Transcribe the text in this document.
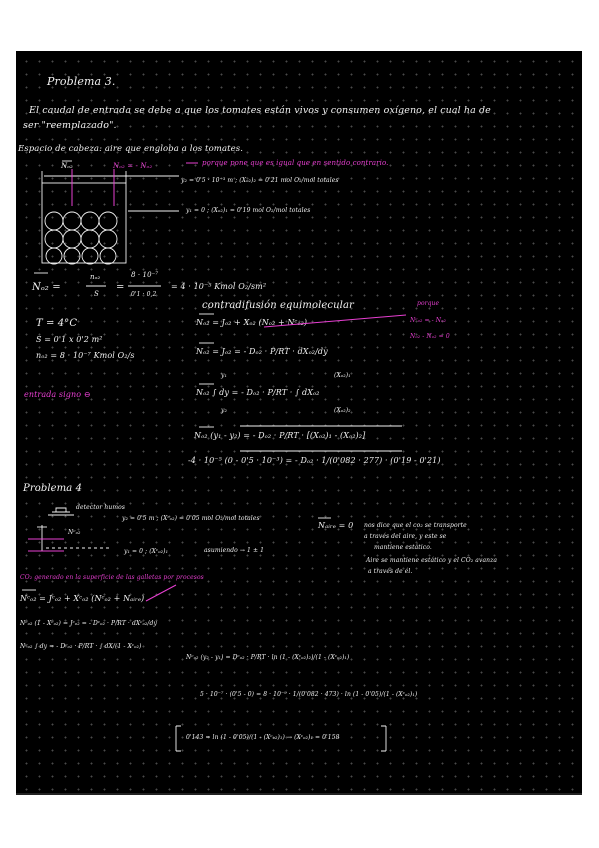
Problema 3.
El caudal de entrada se debe a que los tomates están vivos y consumen oxígeno, el cual ha de
ser "reemplazado".
Espacio de cabeza: aire que engloba a los tomates.
Nₒ₂	Nₒ₂ = - Nₒ₂	porque pone que es igual que en sentido contrario.
y₂ = 0'5 · 10⁻³ m ; (Xₒ₂)₂ = 0'21 mol O₂/mol totales
y₁ = 0 ; (Xₒ₂)₁ = 0'19 mol O₂/mol totales
Nₒ₂ =
nₒ₂
S
=
8 · 10⁻⁷
0'1 · 0,2
= 4 · 10⁻⁵ Kmol O₂/sm²
contradifusión equimolecular	porque
Nᶜₒ₂ = - Nₒ₂
Nₒ₂ - Nₒ₂ = 0
Nₒ₂ = Jₒ₂ + Xₒ₂ (Nₒ₂ + Nᶜₒ₂)
Nₒ₂ = Jₒ₂ = - Dₒ₂ · P/RT · dXₒ₂/dy
T = 4°C
S = 0'1 x 0'2 m²
nₒ₂ = 8 · 10⁻⁷ Kmol O₂/s
entrada signo ⊖	Nₒ₂ ∫ dy = - Dₒ₂ · P/RT · ∫ dXₒ₂
y₁
y₂
(Xₒ₂)₁
(Xₒ₂)₂
Nₒ₂ (y₁ - y₂) = - Dₒ₂ · P/RT · [(Xₒ₂)₁ - (Xₒ₂)₂]
-4 · 10⁻⁵ (0 - 0'5 · 10⁻³) = - Dₒ₂ · 1/(0'082 · 277) · (0'19 - 0'21)
Problema 4
detector humos
Nᶜₒ₂
y₂ = 0'5 m ; (Xᶜₒ₂) = 0'05 mol O₂/mol totales
y₁ = 0 ; (Xᶜₒ₂)₁	asumiendo → 1 ± 1
Nₐᵢᵣₑ = 0 nos dice que el co₂ se transporte
a través del aire, y este se
mantiene estático.
Aire se mantiene estático y el CO₂ avanza
a través de él.
CO₂ generado en la superficie de las galletas por procesos
Nᶜₒ₂ = Jᶜₒ₂ + Xᶜₒ₂ (Nᶜₒ₂ + Nₐᵢᵣₑ)
Nᶜₒ₂ (1 - Xᶜₒ₂) = Jᶜₒ₂ = - Dᶜₒ₂ · P/RT · dXᶜₒ₂/dy
Nᶜₒ₂ ∫ dy = - Dᶜₒ₂ · P/RT · ∫ dX/(1 - Xᶜₒ₂)
Nᶜₒ₂ (y₂ - y₁) = Dᶜₒ₂ · P/RT · ln (1 - (Xᶜₒ₂)₂)/(1 - (Xᶜₒ₂)₁)
5 · 10⁻⁷ · (0'5 - 0) = 8 · 10⁻⁹ · 1/(0'082 · 473) · ln (1 - 0'05)/(1 - (Xᶜₒ₂)₁)
0'143 = ln (1 - 0'05)/(1 - (Xᶜₒ₂)₁) → (Xᶜₒ₂)₁ = 0'158
